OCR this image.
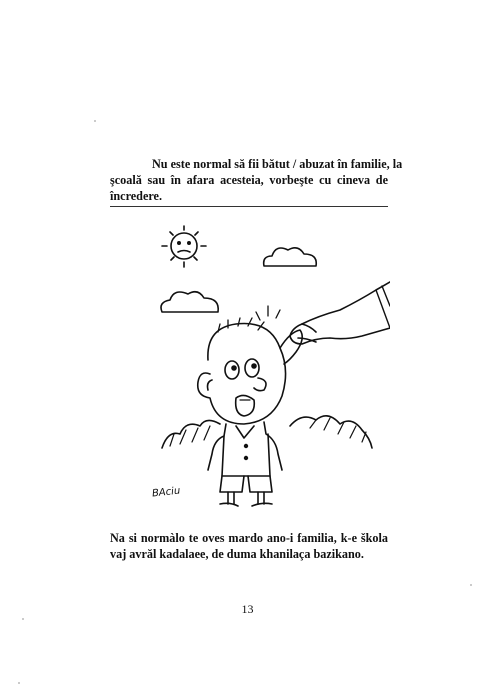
Nu este normal să fii bătut / abuzat în familie, la
şcoală sau în afara acesteia, vorbeşte cu cineva de
încredere.

BAciu

Na si normàlo te oves mardo ano-i familia, k-e škola
vaj avrăl kadalaee, de duma khanilaça bazikano.

13
